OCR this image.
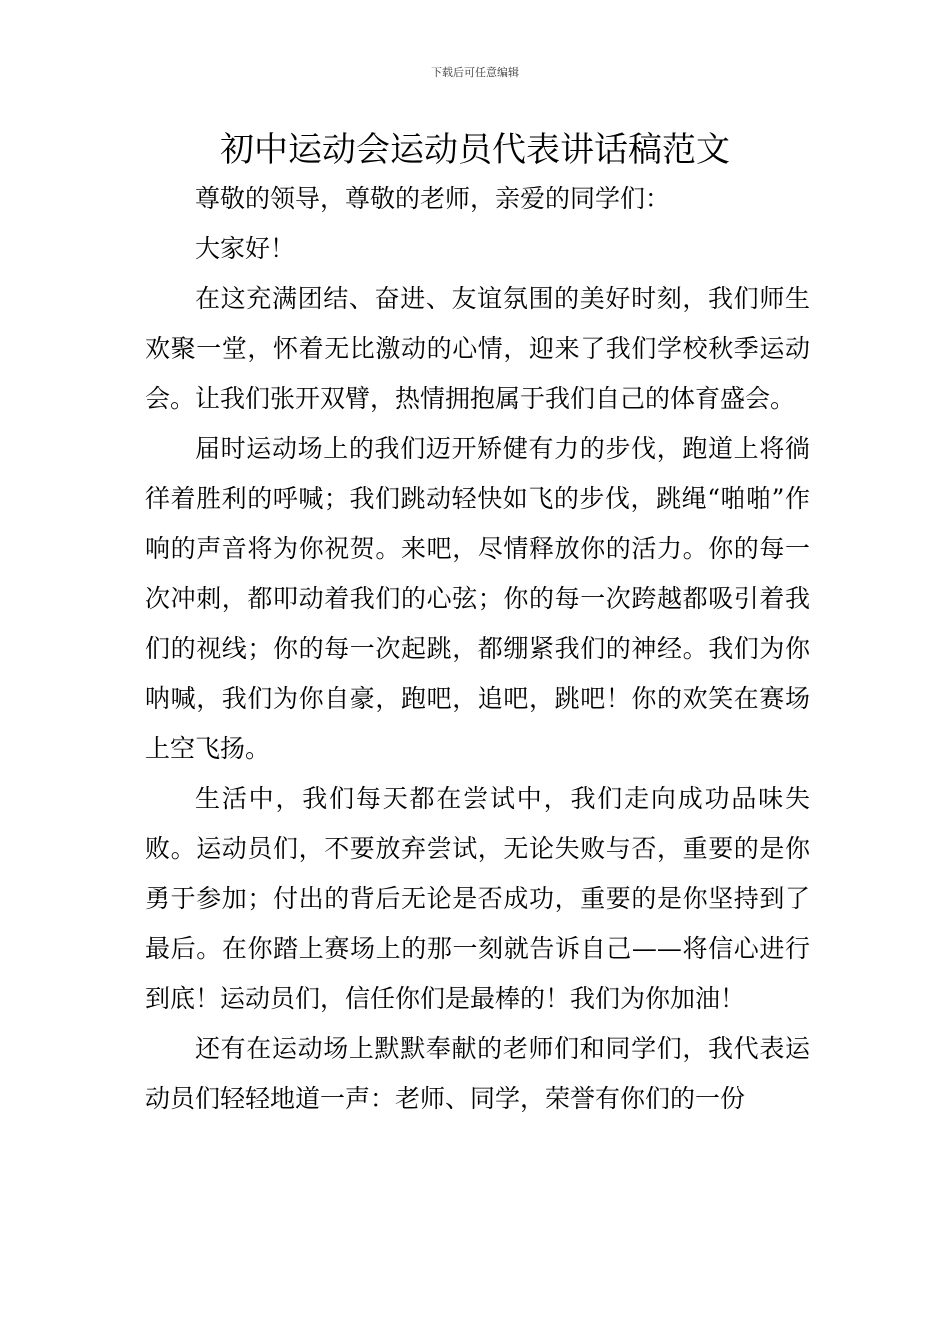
下载后可任意编辑
初中运动会运动员代表讲话稿范文

尊敬的领导，尊敬的老师，亲爱的同学们：

大家好！

在这充满团结、奋进、友谊氛围的美好时刻，我们师生欢聚一堂，怀着无比激动的心情，迎来了我们学校秋季运动会。让我们张开双臂，热情拥抱属于我们自己的体育盛会。

届时运动场上的我们迈开矫健有力的步伐，跑道上将徜徉着胜利的呼喊；我们跳动轻快如飞的步伐，跳绳“啪啪”作响的声音将为你祝贺。来吧，尽情释放你的活力。你的每一次冲刺，都叩动着我们的心弦；你的每一次跨越都吸引着我们的视线；你的每一次起跳，都绷紧我们的神经。我们为你呐喊，我们为你自豪，跑吧，追吧，跳吧！你的欢笑在赛场上空飞扬。

生活中，我们每天都在尝试中，我们走向成功品味失败。运动员们，不要放弃尝试，无论失败与否，重要的是你勇于参加；付出的背后无论是否成功，重要的是你坚持到了最后。在你踏上赛场上的那一刻就告诉自己——将信心进行到底！运动员们，信任你们是最棒的！我们为你加油！

还有在运动场上默默奉献的老师们和同学们，我代表运动员们轻轻地道一声：老师、同学，荣誉有你们的一份
